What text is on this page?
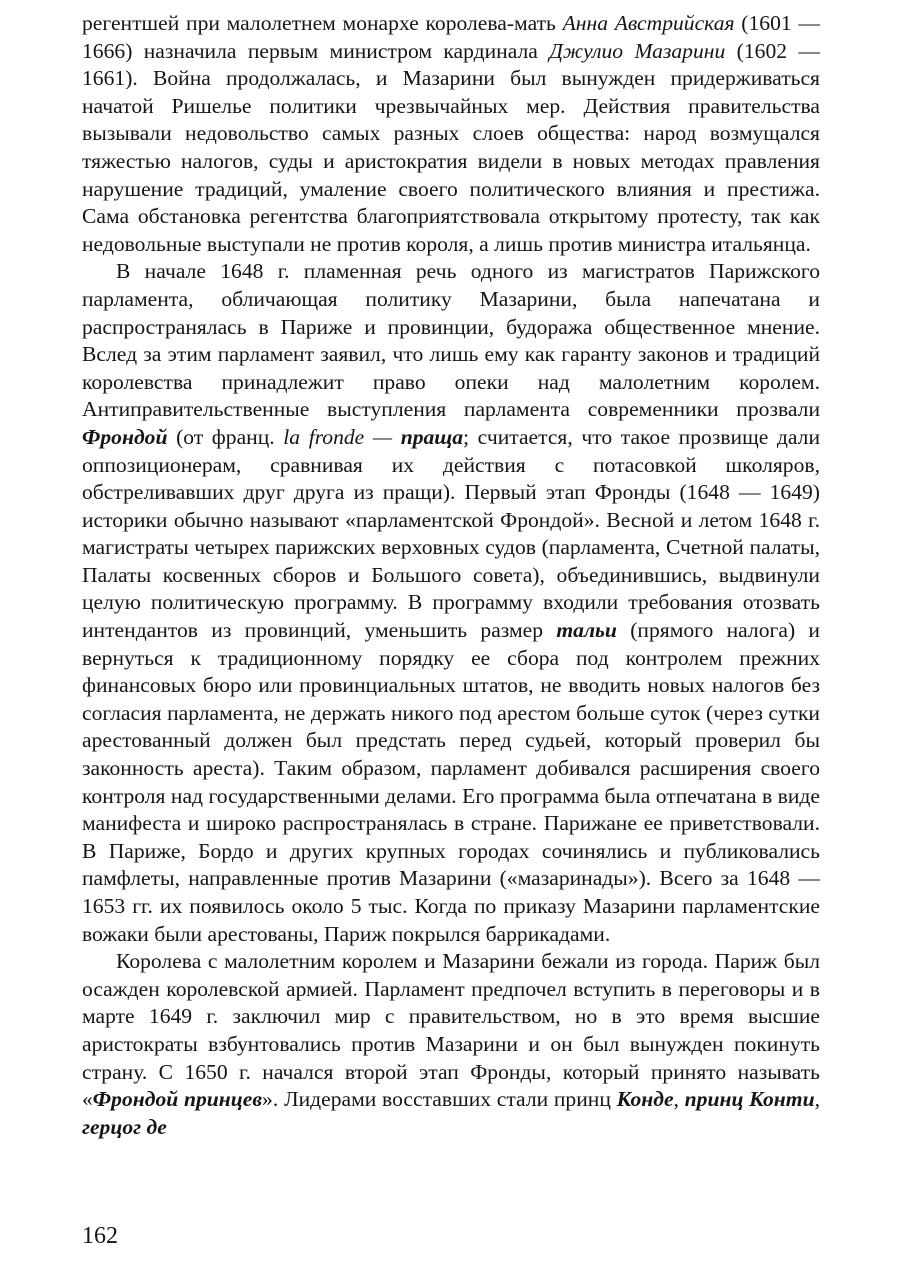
регентшей при малолетнем монархе королева-мать Анна Австрийская (1601 — 1666) назначила первым министром кардинала Джулио Мазарини (1602 — 1661). Война продолжалась, и Мазарини был вынужден придерживаться начатой Ришелье политики чрезвычайных мер. Действия правительства вызывали недовольство самых разных слоев общества: народ возмущался тяжестью налогов, суды и аристократия видели в новых методах правления нарушение традиций, умаление своего политического влияния и престижа. Сама обстановка регентства благоприятствовала открытому протесту, так как недовольные выступали не против короля, а лишь против министра итальянца.

В начале 1648 г. пламенная речь одного из магистратов Парижского парламента, обличающая политику Мазарини, была напечатана и распространялась в Париже и провинции, будоража общественное мнение. Вслед за этим парламент заявил, что лишь ему как гаранту законов и традиций королевства принадлежит право опеки над малолетним королем. Антиправительственные выступления парламента современники прозвали Фрондой (от франц. la fronde — праща; считается, что такое прозвище дали оппозиционерам, сравнивая их действия с потасовкой школяров, обстреливавших друг друга из пращи). Первый этап Фронды (1648 — 1649) историки обычно называют «парламентской Фрондой». Весной и летом 1648 г. магистраты четырех парижских верховных судов (парламента, Счетной палаты, Палаты косвенных сборов и Большого совета), объединившись, выдвинули целую политическую программу. В программу входили требования отозвать интендантов из провинций, уменьшить размер тальи (прямого налога) и вернуться к традиционному порядку ее сбора под контролем прежних финансовых бюро или провинциальных штатов, не вводить новых налогов без согласия парламента, не держать никого под арестом больше суток (через сутки арестованный должен был предстать перед судьей, который проверил бы законность ареста). Таким образом, парламент добивался расширения своего контроля над государственными делами. Его программа была отпечатана в виде манифеста и широко распространялась в стране. Парижане ее приветствовали. В Париже, Бордо и других крупных городах сочинялись и публиковались памфлеты, направленные против Мазарини («мазаринады»). Всего за 1648 — 1653 гг. их появилось около 5 тыс. Когда по приказу Мазарини парламентские вожаки были арестованы, Париж покрылся баррикадами.

Королева с малолетним королем и Мазарини бежали из города. Париж был осажден королевской армией. Парламент предпочел вступить в переговоры и в марте 1649 г. заключил мир с правительством, но в это время высшие аристократы взбунтовались против Мазарини и он был вынужден покинуть страну. С 1650 г. начался второй этап Фронды, который принято называть «Фрондой принцев». Лидерами восставших стали принц Конде, принц Конти, герцог де

162
